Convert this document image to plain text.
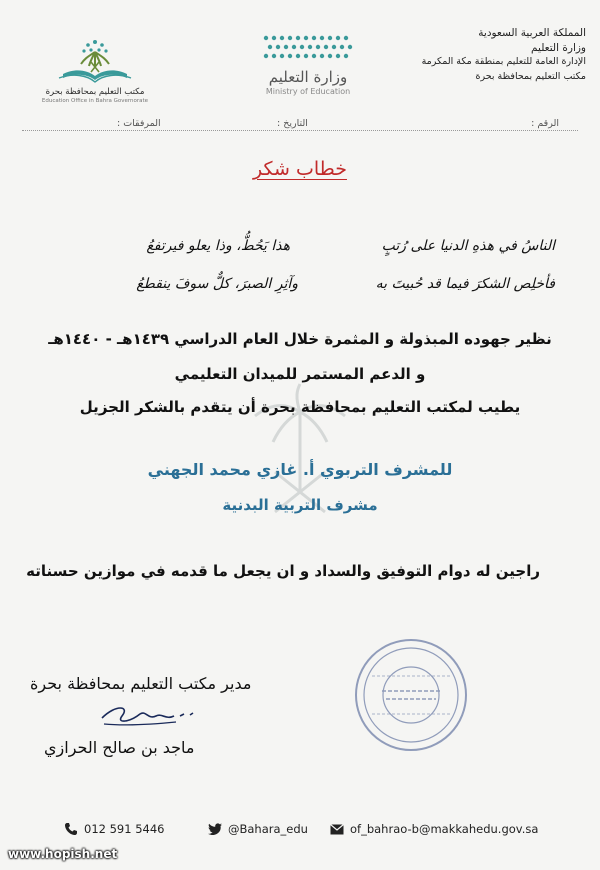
المملكة العربية السعودية
وزارة التعليم
الإدارة العامة للتعليم بمنطقة مكة المكرمة
مكتب التعليم بمحافظة بحرة
وزارة التعليم
Ministry of Education
مكتب التعليم بمحافظة بحرة
Education Office in Bahra Governorate
الرقم :
التاريخ :
المرفقات :
خطاب شكر
الناسُ في هذهِ الدنيا على رُتبٍ
هذا يَحُطُّ، وذا يعلو فيرتفعُ
فأخلِص الشكرَ فيما قد حُبيتَ به
وآثِرِ الصبرَ، كلٌّ سوفَ ينقطعُ
نظير جهوده المبذولة و المثمرة خلال العام الدراسي ١٤٣٩هـ - ١٤٤٠هـ
و الدعم المستمر للميدان التعليمي
يطيب لمكتب التعليم بمحافظة بحرة أن يتقدم بالشكر الجزيل
للمشرف التربوي أ. غازي محمد الجهني
مشرف التربية البدنية
راجين له دوام التوفيق والسداد و ان يجعل ما قدمه في موازين حسناته
مدير مكتب التعليم بمحافظة بحرة
ماجد بن صالح الحرازي
012 591 5446	@Bahara_edu	of_bahrao-b@makkahedu.gov.sa
www.hopish.net
